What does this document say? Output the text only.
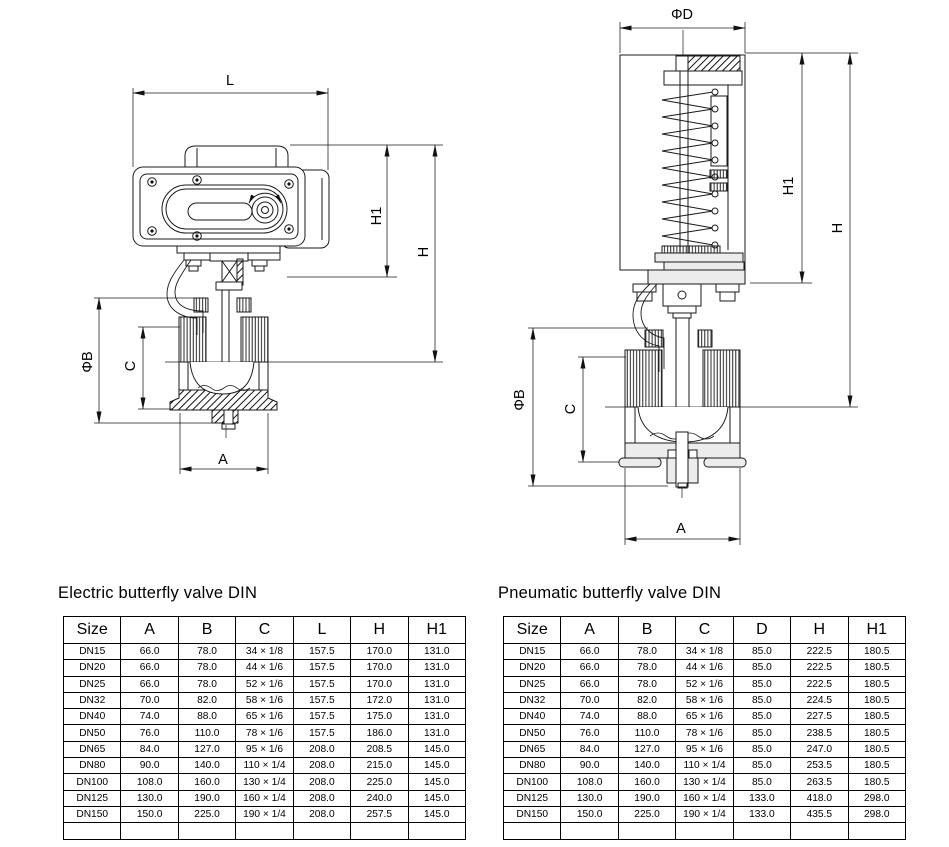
L
H1
H
ΦB C
A
ΦD
H1
H
ΦB C
A
Electric butterfly valve DIN	Pneumatic butterfly valve DIN
Size	A	B	C	L	H	H1
DN15	66.0	78.0	34 × 1/8	157.5	170.0	131.0
DN20	66.0	78.0	44 × 1/6	157.5	170.0	131.0
DN25	66.0	78.0	52 × 1/6	157.5	170.0	131.0
DN32	70.0	82.0	58 × 1/6	157.5	172.0	131.0
DN40	74.0	88.0	65 × 1/6	157.5	175.0	131.0
DN50	76.0	110.0	78 × 1/6	157.5	186.0	131.0
DN65	84.0	127.0	95 × 1/6	208.0	208.5	145.0
DN80	90.0	140.0	110 × 1/4	208.0	215.0	145.0
DN100	108.0	160.0	130 × 1/4	208.0	225.0	145.0
DN125	130.0	190.0	160 × 1/4	208.0	240.0	145.0
DN150	150.0	225.0	190 × 1/4	208.0	257.5	145.0

Size	A	B	C	D	H	H1
DN15	66.0	78.0	34 × 1/8	85.0	222.5	180.5
DN20	66.0	78.0	44 × 1/6	85.0	222.5	180.5
DN25	66.0	78.0	52 × 1/6	85.0	222.5	180.5
DN32	70.0	82.0	58 × 1/6	85.0	224.5	180.5
DN40	74.0	88.0	65 × 1/6	85.0	227.5	180.5
DN50	76.0	110.0	78 × 1/6	85.0	238.5	180.5
DN65	84.0	127.0	95 × 1/6	85.0	247.0	180.5
DN80	90.0	140.0	110 × 1/4	85.0	253.5	180.5
DN100	108.0	160.0	130 × 1/4	85.0	263.5	180.5
DN125	130.0	190.0	160 × 1/4	133.0	418.0	298.0
DN150	150.0	225.0	190 × 1/4	133.0	435.5	298.0
